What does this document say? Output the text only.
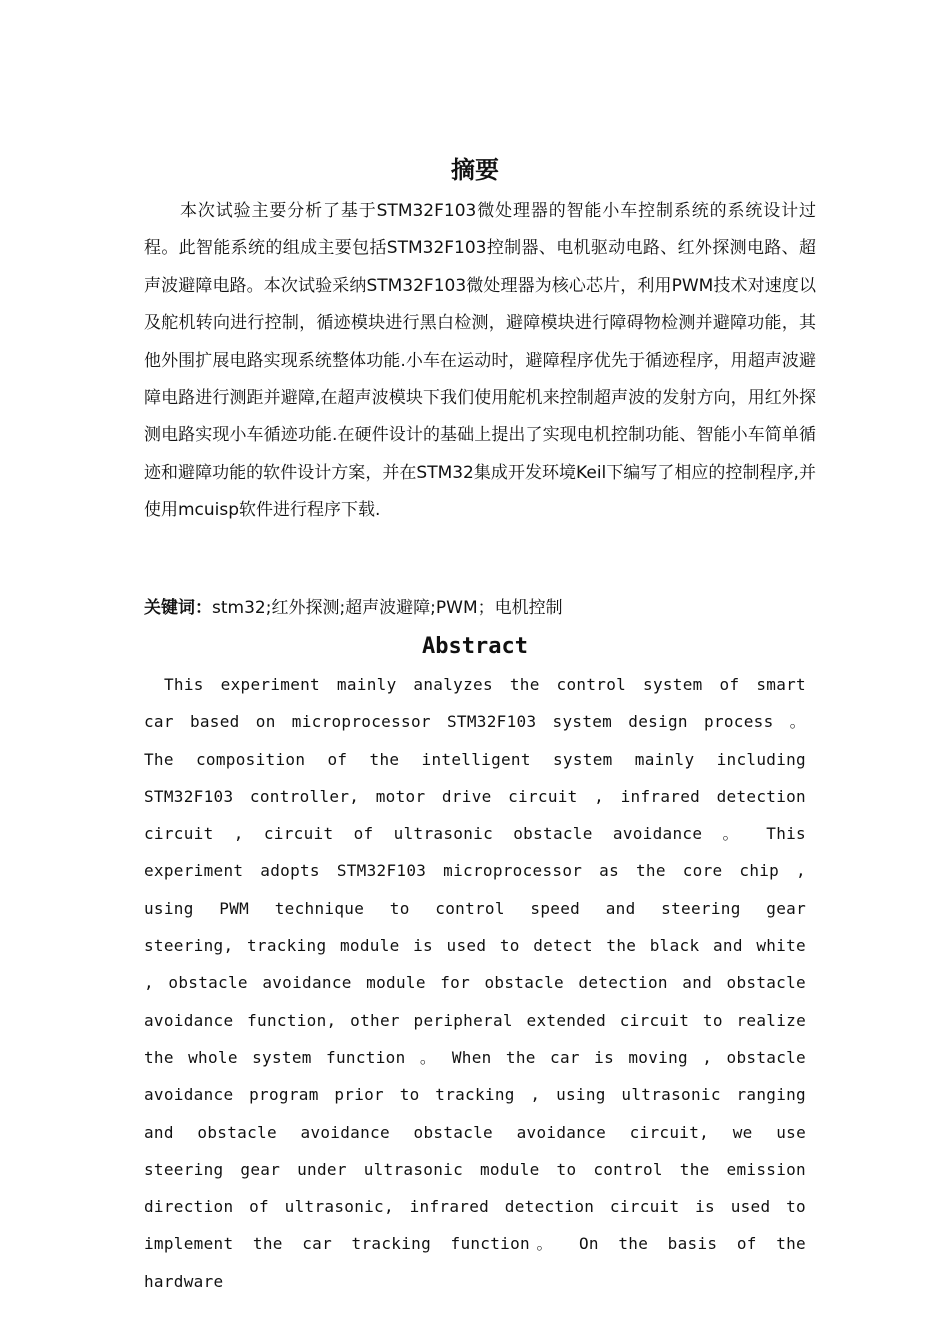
摘要

本次试验主要分析了基于STM32F103微处理器的智能小车控制系统的系统设计过程。此智能系统的组成主要包括STM32F103控制器、电机驱动电路、红外探测电路、超声波避障电路。本次试验采纳STM32F103微处理器为核心芯片，利用PWM技术对速度以及舵机转向进行控制，循迹模块进行黑白检测，避障模块进行障碍物检测并避障功能，其他外围扩展电路实现系统整体功能.小车在运动时，避障程序优先于循迹程序，用超声波避障电路进行测距并避障,在超声波模块下我们使用舵机来控制超声波的发射方向，用红外探测电路实现小车循迹功能.在硬件设计的基础上提出了实现电机控制功能、智能小车简单循迹和避障功能的软件设计方案，并在STM32集成开发环境Keil下编写了相应的控制程序,并使用mcuisp软件进行程序下载.

关键词：stm32;红外探测;超声波避障;PWM；电机控制

Abstract

This experiment mainly analyzes the control system of smart car based on microprocessor STM32F103 system design process 。 The composition of the intelligent system mainly including STM32F103 controller, motor drive circuit , infrared detection circuit , circuit of ultrasonic obstacle avoidance 。 This experiment adopts STM32F103 microprocessor as the core chip , using PWM technique to control speed and steering gear steering, tracking module is used to detect the black and white , obstacle avoidance module for obstacle detection and obstacle avoidance function, other peripheral extended circuit to realize the whole system function 。 When the car is moving , obstacle avoidance program prior to tracking , using ultrasonic ranging and obstacle avoidance obstacle avoidance circuit, we use steering gear under ultrasonic module to control the emission direction of ultrasonic, infrared detection circuit is used to implement the car tracking function。 On the basis of the hardware
